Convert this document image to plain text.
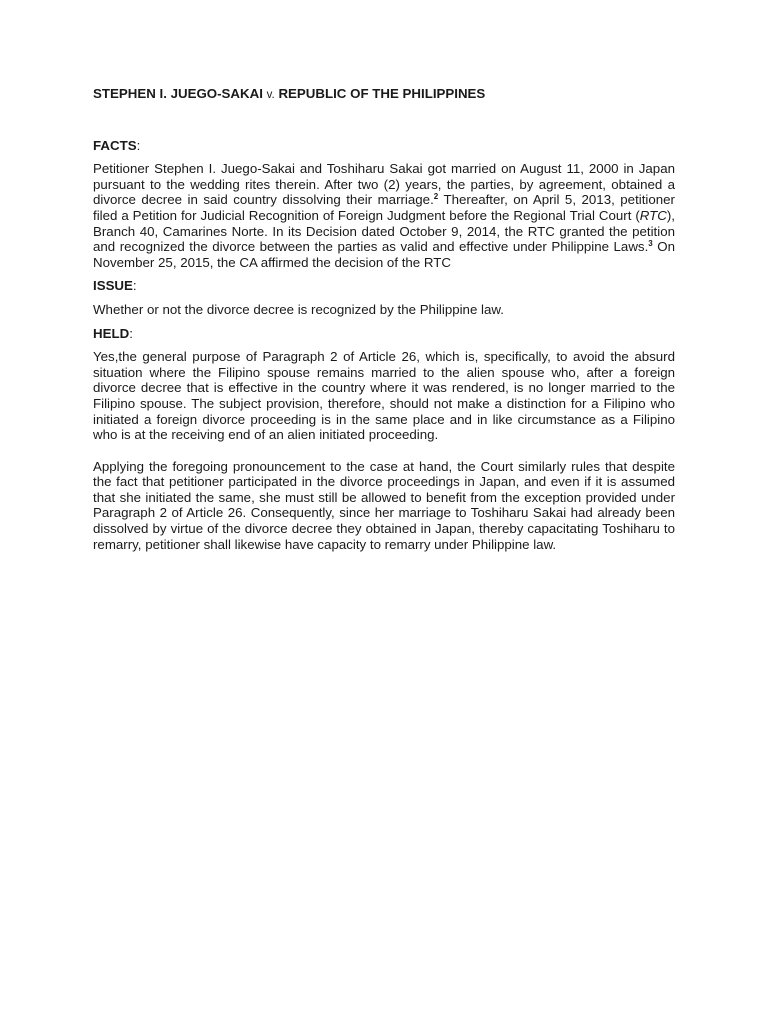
STEPHEN I. JUEGO-SAKAI v. REPUBLIC OF THE PHILIPPINES
FACTS:

Petitioner Stephen I. Juego-Sakai and Toshiharu Sakai got married on August 11, 2000 in Japan pursuant to the wedding rites therein. After two (2) years, the parties, by agreement, obtained a divorce decree in said country dissolving their marriage.$^2$ Thereafter, on April 5, 2013, petitioner filed a Petition for Judicial Recognition of Foreign Judgment before the Regional Trial Court (RTC), Branch 40, Camarines Norte. In its Decision dated October 9, 2014, the RTC granted the petition and recognized the divorce between the parties as valid and effective under Philippine Laws.$^3$ On November 25, 2015, the CA affirmed the decision of the RTC

ISSUE:

Whether or not the divorce decree is recognized by the Philippine law.

HELD:

Yes,the general purpose of Paragraph 2 of Article 26, which is, specifically, to avoid the absurd situation where the Filipino spouse remains married to the alien spouse who, after a foreign divorce decree that is effective in the country where it was rendered, is no longer married to the Filipino spouse. The subject provision, therefore, should not make a distinction for a Filipino who initiated a foreign divorce proceeding is in the same place and in like circumstance as a Filipino who is at the receiving end of an alien initiated proceeding.

Applying the foregoing pronouncement to the case at hand, the Court similarly rules that despite the fact that petitioner participated in the divorce proceedings in Japan, and even if it is assumed that she initiated the same, she must still be allowed to benefit from the exception provided under Paragraph 2 of Article 26. Consequently, since her marriage to Toshiharu Sakai had already been dissolved by virtue of the divorce decree they obtained in Japan, thereby capacitating Toshiharu to remarry, petitioner shall likewise have capacity to remarry under Philippine law.
